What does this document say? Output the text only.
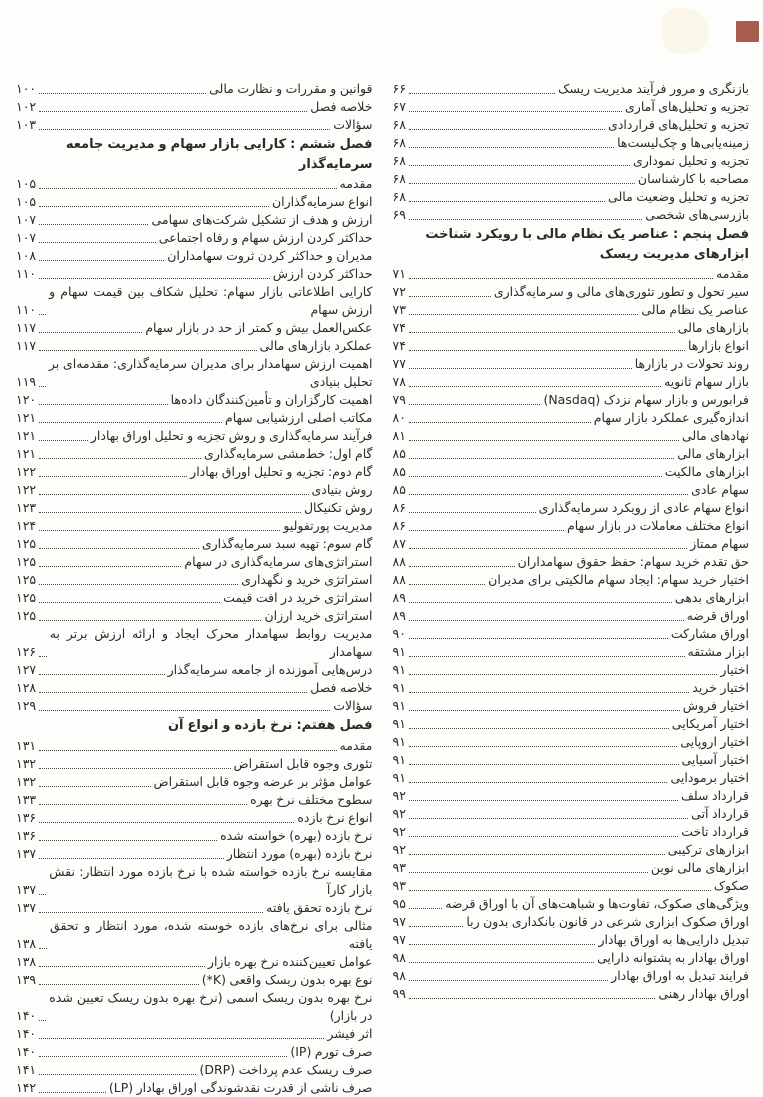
بازنگری و مرور فرآیند مدیریت ریسک
۶۶
تجزیه و تحلیل‌های آماری
۶۷
تجزیه و تحلیل‌های قراردادی
۶۸
زمینه‌یابی‌ها و چک‌لیست‌ها
۶۸
تجزیه و تحلیل نموداری
۶۸
مصاحبه با کارشناسان
۶۸
تجزیه و تحلیل وضعیت مالی
۶۸
بازرسی‌های شخصی
۶۹
فصل پنجم : عناصر یک نظام مالی با رویکرد شناخت ابزارهای مدیریت ریسک
مقدمه
۷۱
سیر تحول و تطور تئوری‌های مالی و سرمایه‌گذاری
۷۲
عناصر یک نظام مالی
۷۳
بازارهای مالی
۷۴
انواع بازارها
۷۴
روند تحولات در بازارها
۷۷
بازار سهام ثانویه
۷۸
فرابورس و بازار سهام نزدک (Nasdaq)
۷۹
اندازه‌گیری عملکرد بازار سهام
۸۰
نهادهای مالی
۸۱
ابزارهای مالی
۸۵
ابزارهای مالکیت
۸۵
سهام عادی
۸۵
انواع سهام عادی از رویکرد سرمایه‌گذاری
۸۶
انواع مختلف معاملات در بازار سهام
۸۶
سهام ممتاز
۸۷
حق تقدم خرید سهام: حفظ حقوق سهامداران
۸۸
اختیار خرید سهام: ایجاد سهام مالکیتی برای مدیران
۸۸
ابزارهای بدهی
۸۹
اوراق قرضه
۸۹
اوراق مشارکت
۹۰
ابزار مشتقه
۹۱
اختیار
۹۱
اختیار خرید
۹۱
اختیار فروش
۹۱
اختیار آمریکایی
۹۱
اختیار اروپایی
۹۱
اختیار آسیایی
۹۱
اختیار برمودایی
۹۱
قرارداد سلف
۹۲
قرارداد آتی
۹۲
قرارداد تاخت
۹۲
ابزارهای ترکیبی
۹۲
ابزارهای مالی نوین
۹۳
صکوک
۹۳
ویژگی‌های صکوک، تفاوت‌ها و شباهت‌های آن با اوراق قرضه
۹۵
اوراق صکوک ابزاری شرعی در قانون بانکداری بدون ربا
۹۷
تبدیل دارایی‌ها به اوراق بهادار
۹۷
اوراق بهادار به پشتوانه دارایی
۹۸
فرایند تبدیل به اوراق بهادار
۹۸
اوراق بهادار رهنی
۹۹
قوانین و مقررات و نظارت مالی
۱۰۰
خلاصه فصل
۱۰۲
سؤالات
۱۰۳
فصل ششم : کارایی بازار سهام و مدیریت جامعه سرمایه‌گذار
مقدمه
۱۰۵
انواع سرمایه‌گذاران
۱۰۵
ارزش و هدف از تشکیل شرکت‌های سهامی
۱۰۷
حداکثر کردن ارزش سهام و رفاه اجتماعی
۱۰۷
مدیران و حداکثر کردن ثروت سهامداران
۱۰۸
حداکثر کردن ارزش
۱۱۰
کارایی اطلاعاتی بازار سهام: تحلیل شکاف بین قیمت سهام و ارزش سهام
۱۱۰
عکس‌العمل بیش و کمتر از حد در بازار سهام
۱۱۷
عملکرد بازارهای مالی
۱۱۷
اهمیت ارزش سهامدار برای مدیران سرمایه‌گذاری: مقدمه‌ای بر تحلیل بنیادی
۱۱۹
اهمیت کارگزاران و تأمین‌کنندگان داده‌ها
۱۲۰
مکاتب اصلی ارزشیابی سهام
۱۲۱
فرآیند سرمایه‌گذاری و روش تجزیه و تحلیل اوراق بهادار
۱۲۱
گام اول: خط‌مشی سرمایه‌گذاری
۱۲۱
گام دوم: تجزیه و تحلیل اوراق بهادار
۱۲۲
روش بنیادی
۱۲۲
روش تکنیکال
۱۲۳
مدیریت پورتفولیو
۱۲۴
گام سوم: تهیه سبد سرمایه‌گذاری
۱۲۵
استراتژی‌های سرمایه‌گذاری در سهام
۱۲۵
استراتژی خرید و نگهداری
۱۲۵
استراتژی خرید در افت قیمت
۱۲۵
استراتژی خرید ارزان
۱۲۵
مدیریت روابط سهامدار محرک ایجاد و ارائه ارزش برتر به سهامدار
۱۲۶
درس‌هایی آموزنده از جامعه سرمایه‌گذار
۱۲۷
خلاصه فصل
۱۲۸
سؤالات
۱۲۹
فصل هفتم: نرخ بازده و انواع آن
مقدمه
۱۳۱
تئوری وجوه قابل استقراض
۱۳۲
عوامل مؤثر بر عرضه وجوه قابل استقراض
۱۳۲
سطوح مختلف نرخ بهره
۱۳۳
انواع نرخ بازده
۱۳۶
نرخ بازده (بهره) خواسته شده
۱۳۶
نرخ بازده (بهره) مورد انتظار
۱۳۷
مقایسه نرخ بازده خواسته شده با نرخ بازده مورد انتظار: نقش بازار کارآ
۱۳۷
نرخ بازده تحقق یافته
۱۳۷
مثالی برای نرخ‌های بازده خوسته شده، مورد انتظار و تحقق یافته
۱۳۸
عوامل تعیین‌کننده نرخ بهره بازار
۱۳۸
نوع بهره بدون ریسک واقعی (K*)
۱۳۹
نرخ بهره بدون ریسک اسمی (نرخ بهره بدون ریسک تعیین شده در بازار)
۱۴۰
اثر فیشر
۱۴۰
صرف تورم (IP)
۱۴۰
صرف ریسک عدم پرداخت (DRP)
۱۴۱
صرف ناشی از قدرت نقدشوندگی اوراق بهادار (LP)
۱۴۲
